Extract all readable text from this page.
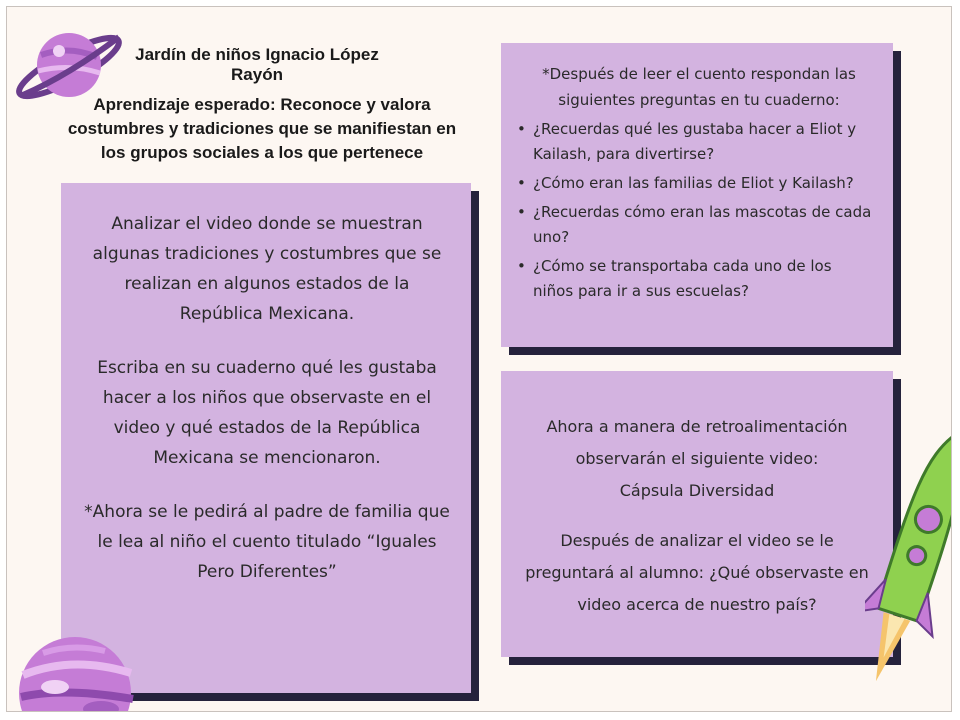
Jardín de niños Ignacio López Rayón
Aprendizaje esperado: Reconoce y valora costumbres y tradiciones que se manifiestan en los grupos sociales a los que pertenece

Analizar el video donde se muestran algunas tradiciones y costumbres que se realizan en algunos estados de la República Mexicana.

Escriba en su cuaderno qué les gustaba hacer a los niños que observaste en el video y qué estados de la República Mexicana se mencionaron.

*Ahora se le pedirá al padre de familia que le lea al niño el cuento titulado “Iguales Pero Diferentes”

*Después de leer el cuento respondan las siguientes preguntas en tu cuaderno:
• ¿Recuerdas qué les gustaba hacer a Eliot y Kailash, para divertirse?
• ¿Cómo eran las familias de Eliot y Kailash?
• ¿Recuerdas cómo eran las mascotas de cada uno?
• ¿Cómo se transportaba cada uno de los niños para ir a sus escuelas?

Ahora a manera de retroalimentación observarán el siguiente video:
Cápsula Diversidad

Después de analizar el video se le preguntará al alumno: ¿Qué observaste en video acerca de nuestro país?
